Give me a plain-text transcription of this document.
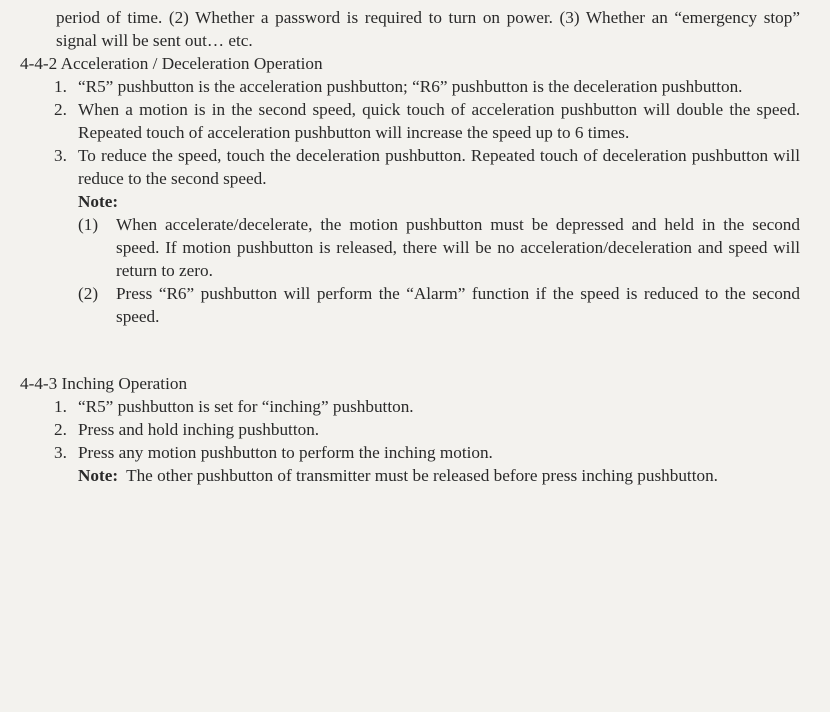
period of time. (2) Whether a password is required to turn on power. (3) Whether an “emergency stop” signal will be sent out… etc.

4-4-2 Acceleration / Deceleration Operation

1. “R5” pushbutton is the acceleration pushbutton; “R6” pushbutton is the deceleration pushbutton.
2. When a motion is in the second speed, quick touch of acceleration pushbutton will double the speed. Repeated touch of acceleration pushbutton will increase the speed up to 6 times.
3. To reduce the speed, touch the deceleration pushbutton. Repeated touch of deceleration pushbutton will reduce to the second speed.
Note:
(1) When accelerate/decelerate, the motion pushbutton must be depressed and held in the second speed. If motion pushbutton is released, there will be no acceleration/deceleration and speed will return to zero.
(2) Press “R6” pushbutton will perform the “Alarm” function if the speed is reduced to the second speed.

4-4-3 Inching Operation

1. “R5” pushbutton is set for “inching” pushbutton.
2. Press and hold inching pushbutton.
3. Press any motion pushbutton to perform the inching motion.
Note: The other pushbutton of transmitter must be released before press inching pushbutton.
